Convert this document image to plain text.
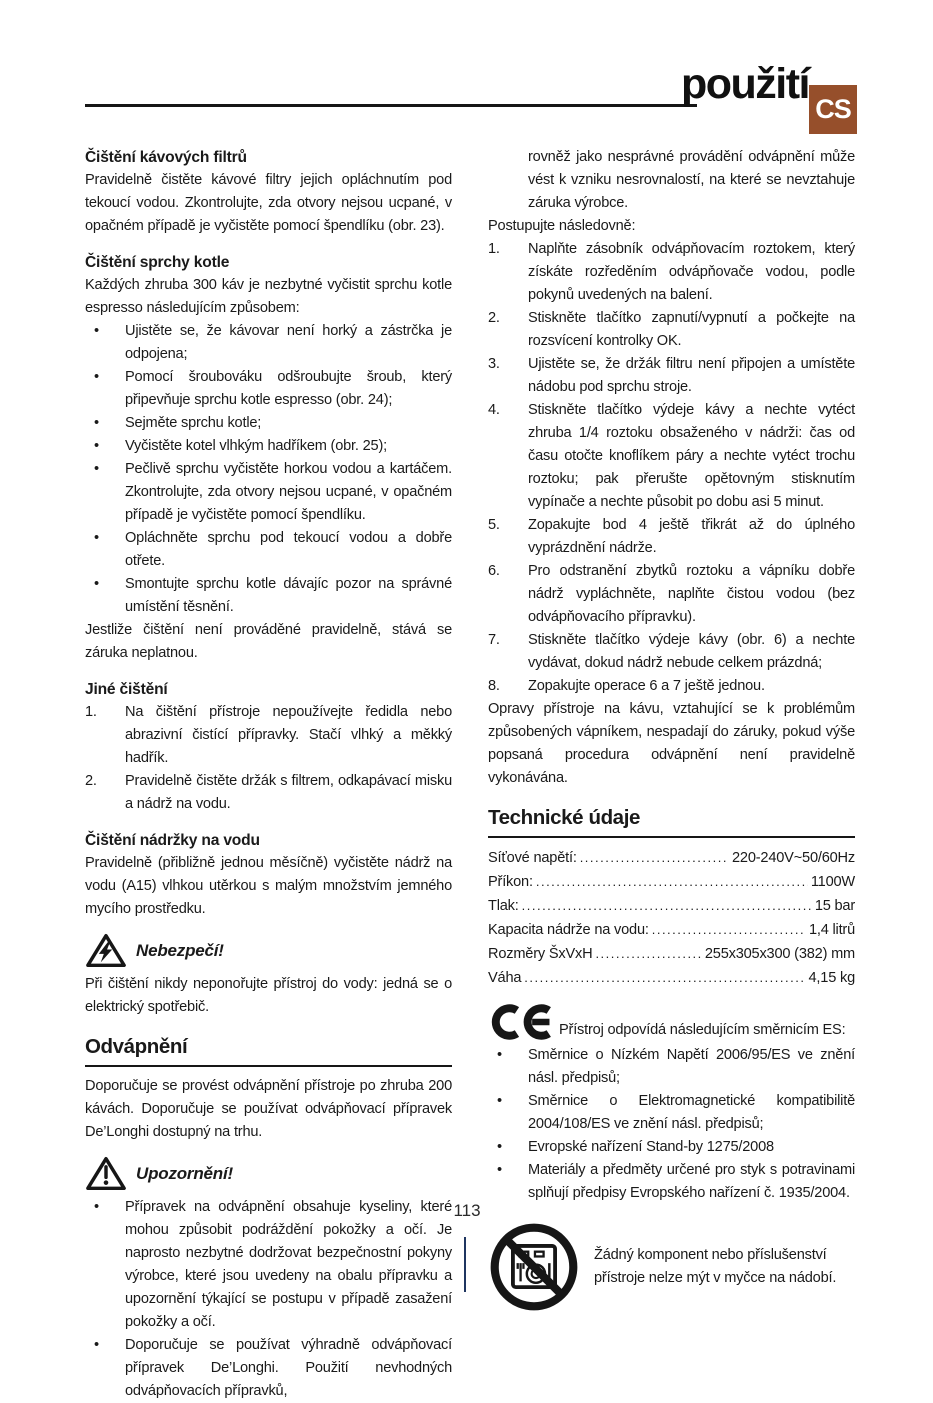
použití
CS
Čištění kávových filtrů
Pravidelně čistěte kávové filtry jejich opláchnutím pod tekoucí vodou. Zkontrolujte, zda otvory nejsou ucpané, v opačném případě je vyčistěte pomocí špendlíku (obr. 23).
Čištění sprchy kotle
Každých zhruba 300 káv je nezbytné vyčistit sprchu kotle espresso následujícím způsobem:
•
Ujistěte se, že kávovar není horký a zástrčka je odpojena;
•
Pomocí šroubováku odšroubujte šroub, který připevňuje sprchu kotle espresso (obr. 24);
•
Sejměte sprchu kotle;
•
Vyčistěte kotel vlhkým hadříkem (obr. 25);
•
Pečlivě sprchu vyčistěte horkou vodou a kartáčem. Zkontrolujte, zda otvory nejsou ucpané, v opačném případě je vyčistěte pomocí špendlíku.
•
Opláchněte sprchu pod tekoucí vodou a dobře otřete.
•
Smontujte sprchu kotle dávajíc pozor na správné umístění těsnění.
Jestliže čištění není prováděné pravidelně, stává se záruka neplatnou.
Jiné čištění
1.	Na čištění přístroje nepoužívejte ředidla nebo abrazivní čistící přípravky. Stačí vlhký a měkký hadřík.
2.	Pravidelně čistěte držák s filtrem, odkapávací misku a nádrž na vodu.
Čištění nádržky na vodu
Pravidelně (přibližně jednou měsíčně) vyčistěte nádrž na vodu (A15) vlhkou utěrkou s malým množstvím jemného mycího prostředku.
Nebezpečí!
Při čištění nikdy neponořujte přístroj do vody: jedná se o elektrický spotřebič.
Odvápnění
Doporučuje se provést odvápnění přístroje po zhruba 200 kávách. Doporučuje se používat odvápňovací přípravek De’Longhi dostupný na trhu.
Upozornění!
•
Přípravek na odvápnění obsahuje kyseliny, které mohou způsobit podráždění pokožky a očí. Je naprosto nezbytné dodržovat bezpečnostní pokyny výrobce, které jsou uvedeny na obalu přípravku a upozornění týkající se postupu v případě zasažení pokožky a očí.
•
Doporučuje se používat výhradně odvápňovací přípravek De’Longhi. Použití nevhodných odvápňovacích přípravků,
rovněž jako nesprávné provádění odvápnění může vést k vzniku nesrovnalostí, na které se nevztahuje záruka výrobce.
Postupujte následovně:
1.	Naplňte zásobník odvápňovacím roztokem, který získáte rozředěním odvápňovače vodou, podle pokynů uvedených na balení.
2.	Stiskněte tlačítko zapnutí/vypnutí a počkejte na rozsvícení kontrolky OK.
3.	Ujistěte se, že držák filtru není připojen a umístěte nádobu pod sprchu stroje.
4.	Stiskněte tlačítko výdeje kávy a nechte vytéct zhruba 1/4 roztoku obsaženého v nádrži: čas od času otočte knoflíkem páry a nechte vytéct trochu roztoku; pak přerušte opětovným stisknutím vypínače a nechte působit po dobu asi 5 minut.
5.	Zopakujte bod 4 ještě třikrát až do úplného vyprázdnění nádrže.
6.	Pro odstranění zbytků roztoku a vápníku dobře nádrž vypláchněte, naplňte čistou vodou (bez odvápňovacího přípravku).
7.	Stiskněte tlačítko výdeje kávy (obr. 6) a nechte vydávat, dokud nádrž nebude celkem prázdná;
8.	Zopakujte operace 6 a 7 ještě jednou.
Opravy přístroje na kávu, vztahující se k problémům způsobených vápníkem, nespadají do záruky, pokud výše popsaná procedura odvápnění není pravidelně vykonávána.
Technické údaje
Síťové napětí: .....	220-240V~50/60Hz
Příkon: .....	1100W
Tlak: .....	15 bar
Kapacita nádrže na vodu: .....	1,4 litrů
Rozměry ŠxVxH .....	255x305x300 (382) mm
Váha .....	4,15 kg
Přístroj odpovídá následujícím směrnicím ES:
•
Směrnice o Nízkém Napětí 2006/95/ES ve znění násl. předpisů;
•
Směrnice o Elektromagnetické kompatibilitě 2004/108/ES ve znění násl. předpisů;
•
Evropské nařízení Stand-by 1275/2008
•
Materiály a předměty určené pro styk s potravinami splňují předpisy Evropského nařízení č. 1935/2004.
Žádný komponent nebo příslušenství přístroje nelze mýt v myčce na nádobí.
113
